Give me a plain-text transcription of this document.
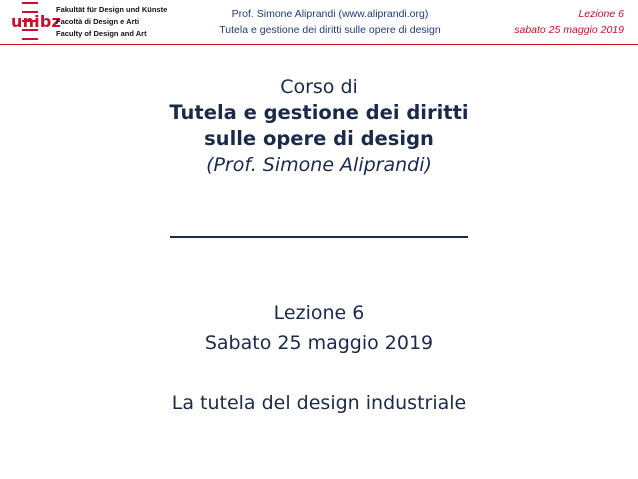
unibz
Fakultät für Design und Künste
Facoltà di Design e Arti
Faculty of Design and Art
Prof. Simone Aliprandi (www.aliprandi.org)
Tutela e gestione dei diritti sulle opere di design
Lezione 6
sabato 25 maggio 2019
Corso di
Tutela e gestione dei diritti
sulle opere di design
(Prof. Simone Aliprandi)
Lezione 6
Sabato 25 maggio 2019
La tutela del design industriale
